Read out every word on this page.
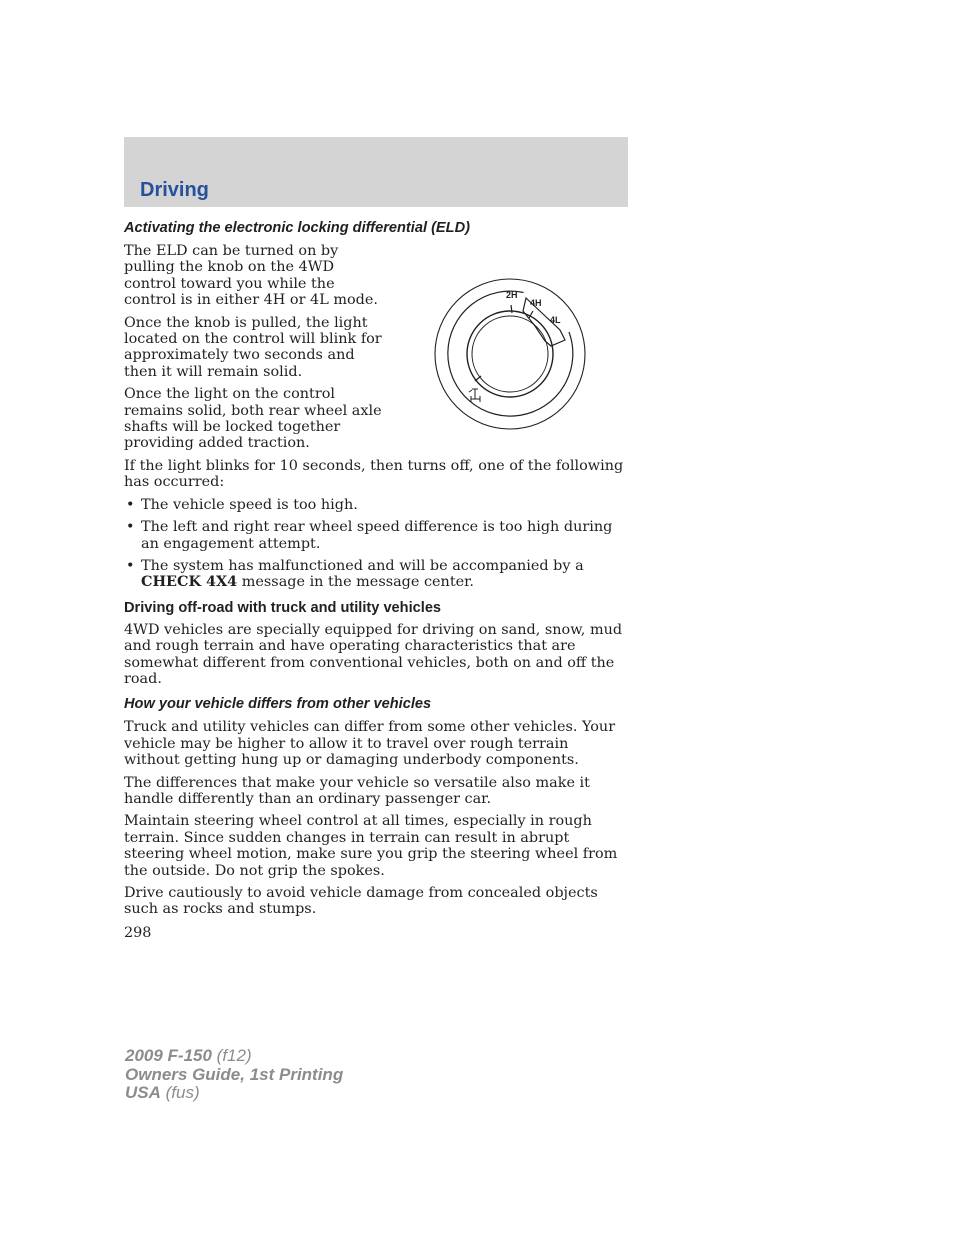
Driving
Activating the electronic locking differential (ELD)

The ELD can be turned on by pulling the knob on the 4WD control toward you while the control is in either 4H or 4L mode.

Once the knob is pulled, the light located on the control will blink for approximately two seconds and then it will remain solid.

Once the light on the control remains solid, both rear wheel axle shafts will be locked together providing added traction.

2H
4H
4L

If the light blinks for 10 seconds, then turns off, one of the following has occurred:

• The vehicle speed is too high.
• The left and right rear wheel speed difference is too high during an engagement attempt.
• The system has malfunctioned and will be accompanied by a CHECK 4X4 message in the message center.
Driving off-road with truck and utility vehicles

4WD vehicles are specially equipped for driving on sand, snow, mud and rough terrain and have operating characteristics that are somewhat different from conventional vehicles, both on and off the road.

How your vehicle differs from other vehicles

Truck and utility vehicles can differ from some other vehicles. Your vehicle may be higher to allow it to travel over rough terrain without getting hung up or damaging underbody components.

The differences that make your vehicle so versatile also make it handle differently than an ordinary passenger car.

Maintain steering wheel control at all times, especially in rough terrain. Since sudden changes in terrain can result in abrupt steering wheel motion, make sure you grip the steering wheel from the outside. Do not grip the spokes.

Drive cautiously to avoid vehicle damage from concealed objects such as rocks and stumps.

298

2009 F-150 (f12)
Owners Guide, 1st Printing
USA (fus)
